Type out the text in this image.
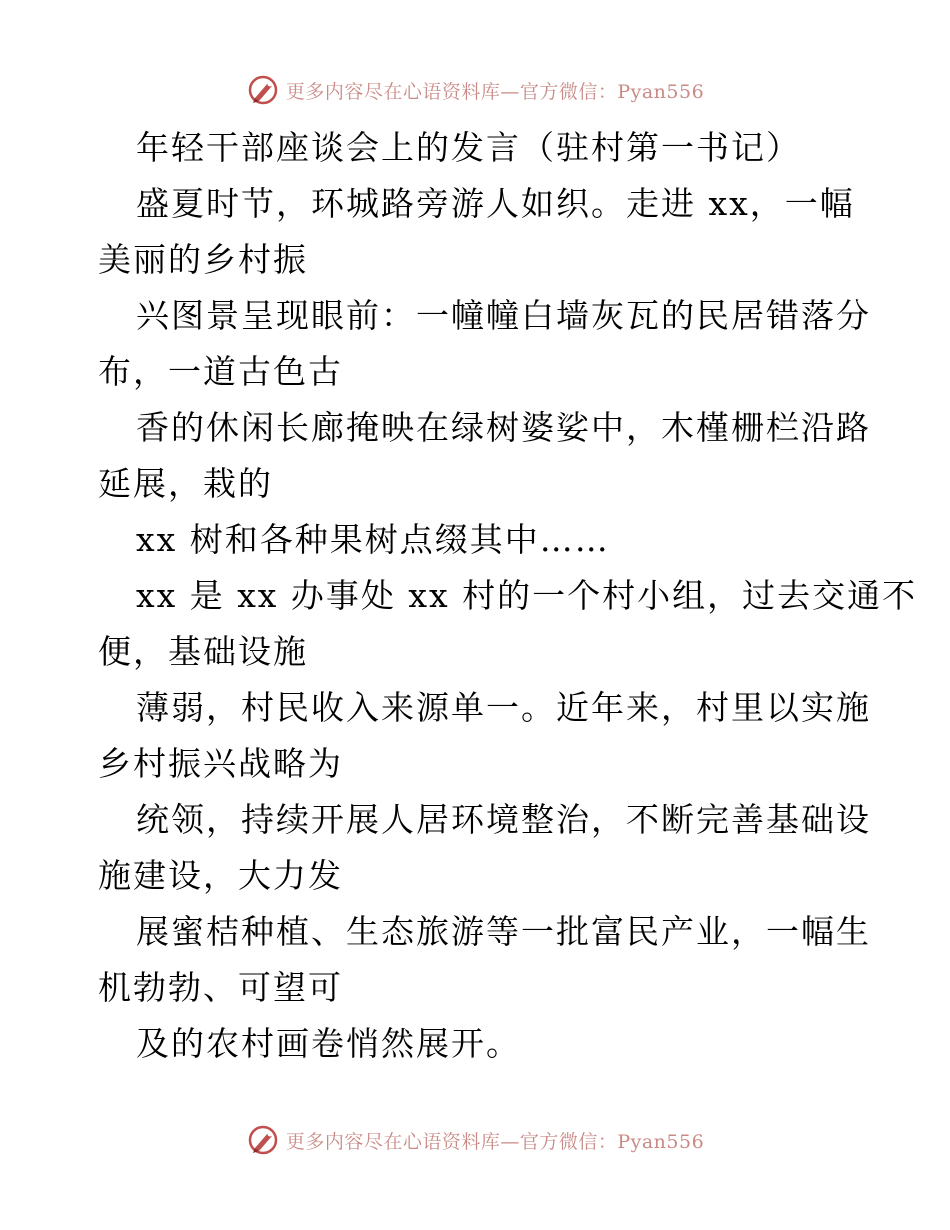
更多内容尽在心语资料库—官方微信：Pyan556
年轻干部座谈会上的发言（驻村第一书记）
盛夏时节，环城路旁游人如织。走进 xx，一幅
美丽的乡村振
兴图景呈现眼前：一幢幢白墙灰瓦的民居错落分
布，一道古色古
香的休闲长廊掩映在绿树婆娑中，木槿栅栏沿路
延展，栽的
xx 树和各种果树点缀其中……
xx 是 xx 办事处 xx 村的一个村小组，过去交通不
便，基础设施
薄弱，村民收入来源单一。近年来，村里以实施
乡村振兴战略为
统领，持续开展人居环境整治，不断完善基础设
施建设，大力发
展蜜桔种植、生态旅游等一批富民产业，一幅生
机勃勃、可望可
及的农村画卷悄然展开。
更多内容尽在心语资料库—官方微信：Pyan556
